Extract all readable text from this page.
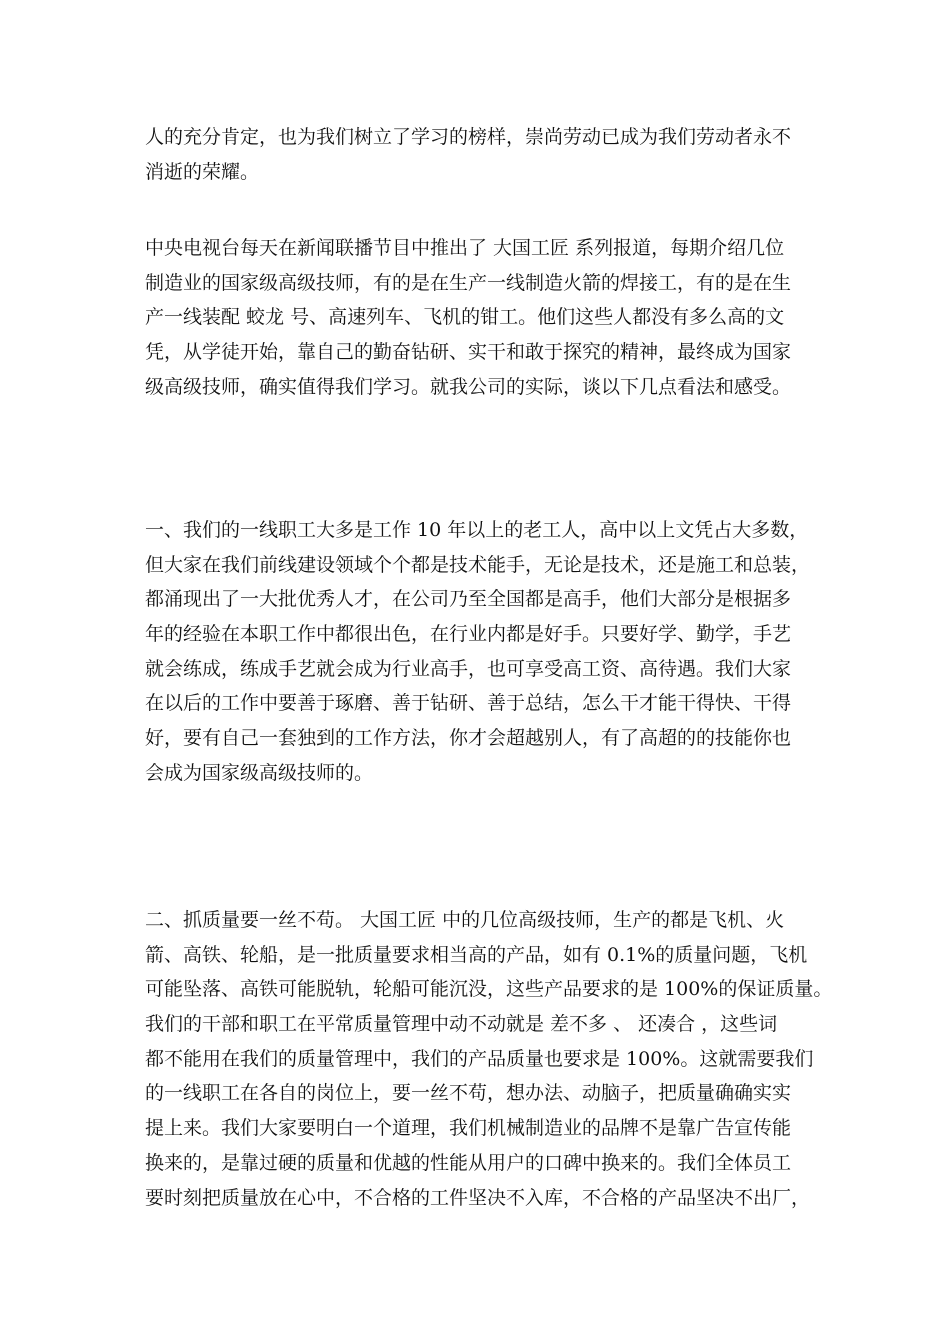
人的充分肯定，也为我们树立了学习的榜样，崇尚劳动已成为我们劳动者永不
消逝的荣耀。
中央电视台每天在新闻联播节目中推出了 大国工匠 系列报道，每期介绍几位
制造业的国家级高级技师，有的是在生产一线制造火箭的焊接工，有的是在生
产一线装配 蛟龙 号、高速列车、飞机的钳工。他们这些人都没有多么高的文
凭，从学徒开始，靠自己的勤奋钻研、实干和敢于探究的精神，最终成为国家
级高级技师，确实值得我们学习。就我公司的实际，谈以下几点看法和感受。
一、我们的一线职工大多是工作 10 年以上的老工人，高中以上文凭占大多数，
但大家在我们前线建设领域个个都是技术能手，无论是技术，还是施工和总装，
都涌现出了一大批优秀人才，在公司乃至全国都是高手，他们大部分是根据多
年的经验在本职工作中都很出色，在行业内都是好手。只要好学、勤学，手艺
就会练成，练成手艺就会成为行业高手，也可享受高工资、高待遇。我们大家
在以后的工作中要善于琢磨、善于钻研、善于总结，怎么干才能干得快、干得
好，要有自己一套独到的工作方法，你才会超越别人，有了高超的的技能你也
会成为国家级高级技师的。
二、抓质量要一丝不苟。 大国工匠 中的几位高级技师，生产的都是飞机、火
箭、高铁、轮船，是一批质量要求相当高的产品，如有 0.1%的质量问题，飞机
可能坠落、高铁可能脱轨，轮船可能沉没，这些产品要求的是 100%的保证质量。
我们的干部和职工在平常质量管理中动不动就是 差不多 、 还凑合 ，这些词
都不能用在我们的质量管理中，我们的产品质量也要求是 100%。这就需要我们
的一线职工在各自的岗位上，要一丝不苟，想办法、动脑子，把质量确确实实
提上来。我们大家要明白一个道理，我们机械制造业的品牌不是靠广告宣传能
换来的，是靠过硬的质量和优越的性能从用户的口碑中换来的。我们全体员工
要时刻把质量放在心中，不合格的工件坚决不入库，不合格的产品坚决不出厂，
